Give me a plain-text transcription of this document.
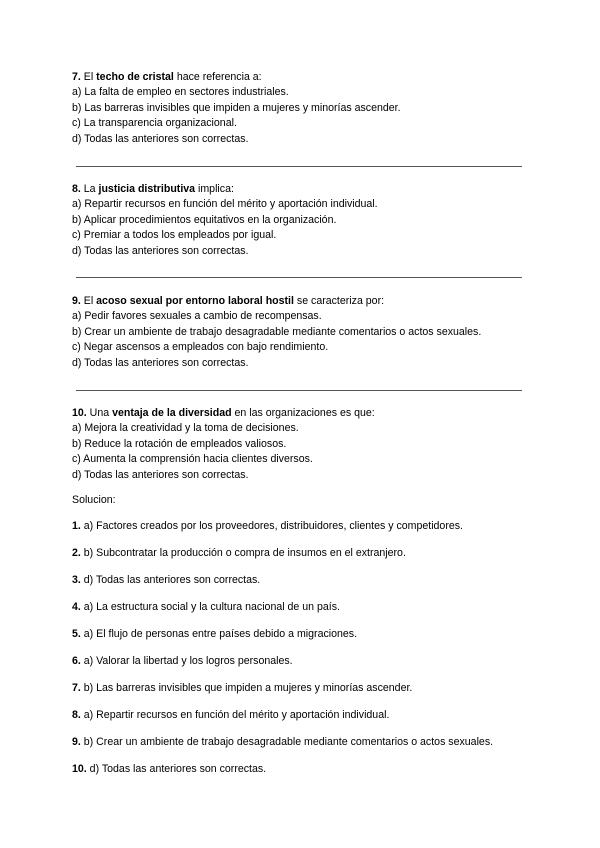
7. El techo de cristal hace referencia a:
a) La falta de empleo en sectores industriales.
b) Las barreras invisibles que impiden a mujeres y minorías ascender.
c) La transparencia organizacional.
d) Todas las anteriores son correctas.
8. La justicia distributiva implica:
a) Repartir recursos en función del mérito y aportación individual.
b) Aplicar procedimientos equitativos en la organización.
c) Premiar a todos los empleados por igual.
d) Todas las anteriores son correctas.
9. El acoso sexual por entorno laboral hostil se caracteriza por:
a) Pedir favores sexuales a cambio de recompensas.
b) Crear un ambiente de trabajo desagradable mediante comentarios o actos sexuales.
c) Negar ascensos a empleados con bajo rendimiento.
d) Todas las anteriores son correctas.
10. Una ventaja de la diversidad en las organizaciones es que:
a) Mejora la creatividad y la toma de decisiones.
b) Reduce la rotación de empleados valiosos.
c) Aumenta la comprensión hacia clientes diversos.
d) Todas las anteriores son correctas.
Solucion:
1. a) Factores creados por los proveedores, distribuidores, clientes y competidores.
2. b) Subcontratar la producción o compra de insumos en el extranjero.
3. d) Todas las anteriores son correctas.
4. a) La estructura social y la cultura nacional de un país.
5. a) El flujo de personas entre países debido a migraciones.
6. a) Valorar la libertad y los logros personales.
7. b) Las barreras invisibles que impiden a mujeres y minorías ascender.
8. a) Repartir recursos en función del mérito y aportación individual.
9. b) Crear un ambiente de trabajo desagradable mediante comentarios o actos sexuales.
10. d) Todas las anteriores son correctas.
